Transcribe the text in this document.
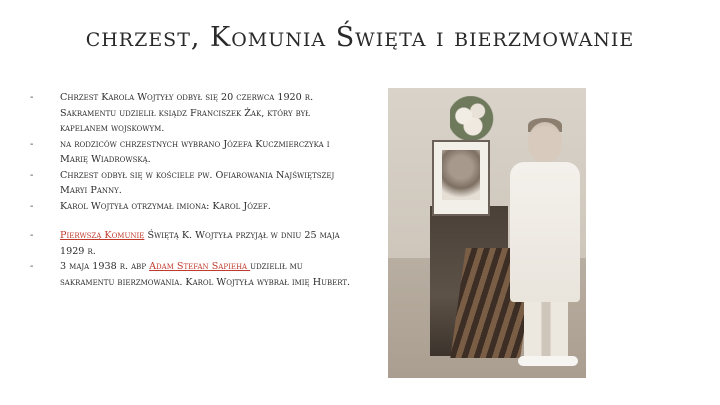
chrzest, Komunia Święta i bierzmowanie
-	Chrzest Karola Wojtyły odbył się 20 czerwca 1920 r. Sakramentu udzielił ksiądz Franciszek Żak, który był kapelanem wojskowym.
-	na rodziców chrzestnych wybrano Józefa Kuczmierczyka i Marię Wiadrowską.
-	Chrzest odbył się w kościele pw. Ofiarowania Najświętszej Maryi Panny.
-	Karol Wojtyła otrzymał imiona: Karol Józef.
-	Pierwszą Komunię Świętą K. Wojtyła przyjął w dniu 25 maja 1929 r.
-	3 maja 1938 r. abp Adam Stefan Sapieha udzielił mu sakramentu bierzmowania. Karol Wojtyła wybrał imię Hubert.
